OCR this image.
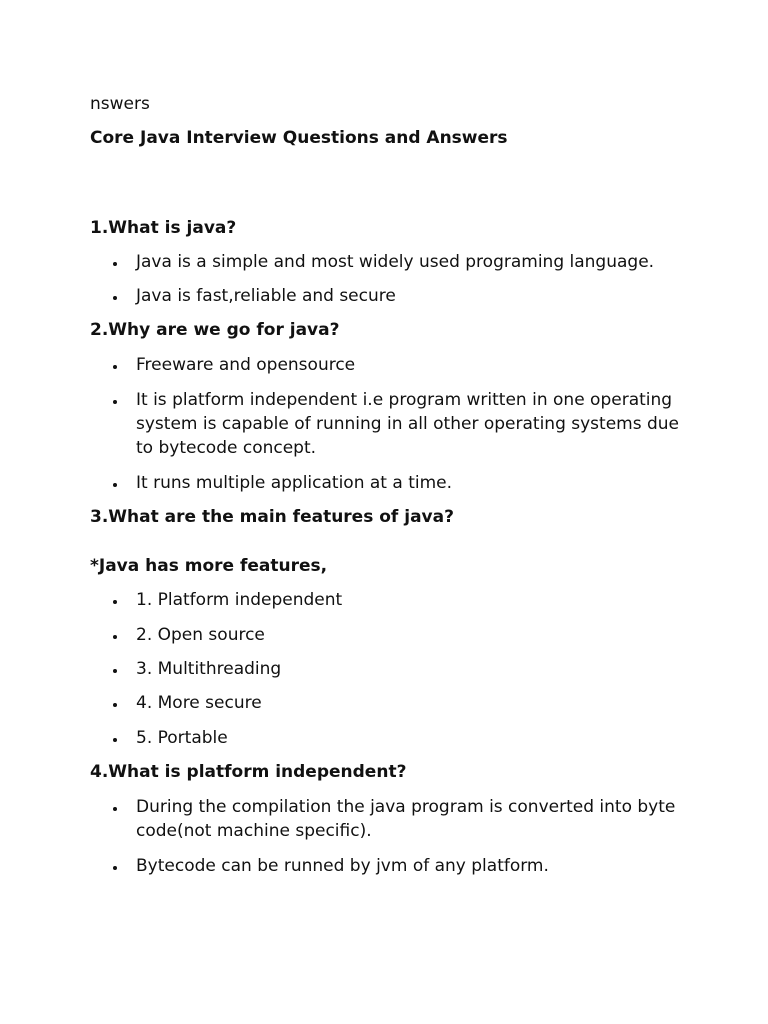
nswers
Core Java Interview Questions and Answers
1.What is java?
Java is a simple and most widely used programing language.
Java is fast,reliable and secure
2.Why are we go for java?
Freeware and opensource
It is platform independent i.e program written in one operating system is capable of running in all other operating systems due to bytecode concept.
It runs multiple application at a time.
3.What are the main features of java?
*Java has more features,
1. Platform independent
2. Open source
3. Multithreading
4. More secure
5. Portable
4.What is platform independent?
During the compilation the java program is converted into byte code(not machine specific).
Bytecode can be runned by jvm of any platform.
